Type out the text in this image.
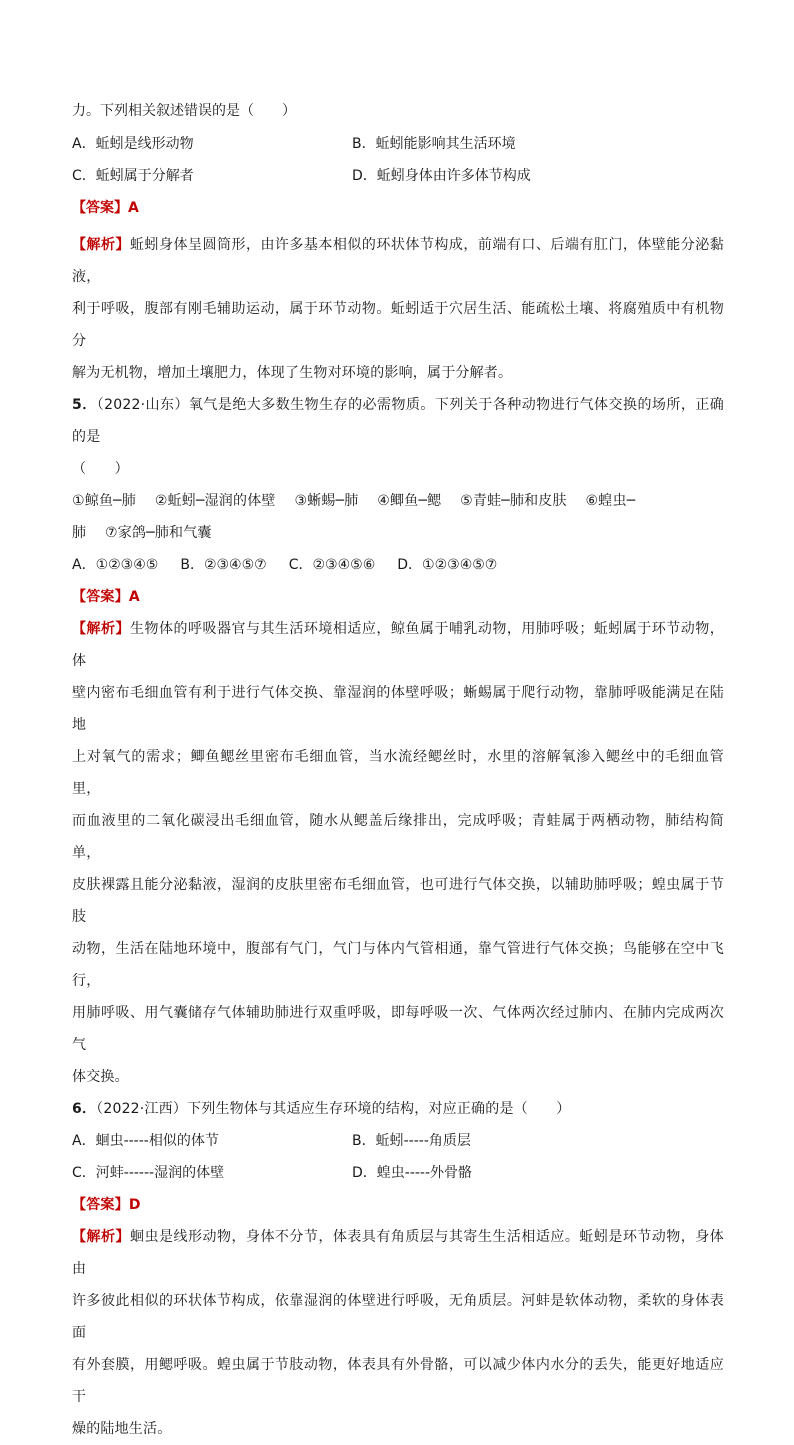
力。下列相关叙述错误的是（　　）

A．蚯蚓是线形动物	B．蚯蚓能影响其生活环境
C．蚯蚓属于分解者	D．蚯蚓身体由许多体节构成

【答案】A

【解析】蚯蚓身体呈圆筒形，由许多基本相似的环状体节构成，前端有口、后端有肛门，体壁能分泌黏液，

利于呼吸，腹部有刚毛辅助运动，属于环节动物。蚯蚓适于穴居生活、能疏松土壤、将腐殖质中有机物分

解为无机物，增加土壤肥力，体现了生物对环境的影响，属于分解者。

5．（2022·山东）氧气是绝大多数生物生存的必需物质。下列关于各种动物进行气体交换的场所，正确的是

（　　）

①鲸鱼─肺　 ②蚯蚓─湿润的体壁　 ③蜥蜴─肺　 ④鲫鱼─鳃　 ⑤青蛙─肺和皮肤　 ⑥蝗虫─

肺　 ⑦家鸽─肺和气囊

A．①②③④⑤ B．②③④⑤⑦ C．②③④⑤⑥ D．①②③④⑤⑦

【答案】A

【解析】生物体的呼吸器官与其生活环境相适应，鲸鱼属于哺乳动物，用肺呼吸；蚯蚓属于环节动物，体

壁内密布毛细血管有利于进行气体交换、靠湿润的体壁呼吸；蜥蜴属于爬行动物，靠肺呼吸能满足在陆地

上对氧气的需求；鲫鱼鳃丝里密布毛细血管，当水流经鳃丝时，水里的溶解氧渗入鳃丝中的毛细血管里，

而血液里的二氧化碳浸出毛细血管，随水从鳃盖后缘排出，完成呼吸；青蛙属于两栖动物，肺结构简单，

皮肤裸露且能分泌黏液，湿润的皮肤里密布毛细血管，也可进行气体交换，以辅助肺呼吸；蝗虫属于节肢

动物，生活在陆地环境中，腹部有气门，气门与体内气管相通，靠气管进行气体交换；鸟能够在空中飞行，

用肺呼吸、用气囊储存气体辅助肺进行双重呼吸，即每呼吸一次、气体两次经过肺内、在肺内完成两次气

体交换。

6．（2022·江西）下列生物体与其适应生存环境的结构，对应正确的是（　　）

A．蛔虫-----相似的体节	B．蚯蚓-----角质层
C．河蚌------湿润的体壁	D．蝗虫-----外骨骼

【答案】D

【解析】蛔虫是线形动物，身体不分节，体表具有角质层与其寄生生活相适应。蚯蚓是环节动物，身体由

许多彼此相似的环状体节构成，依靠湿润的体壁进行呼吸，无角质层。河蚌是软体动物，柔软的身体表面

有外套膜，用鳃呼吸。蝗虫属于节肢动物，体表具有外骨骼，可以减少体内水分的丢失，能更好地适应干

燥的陆地生活。
